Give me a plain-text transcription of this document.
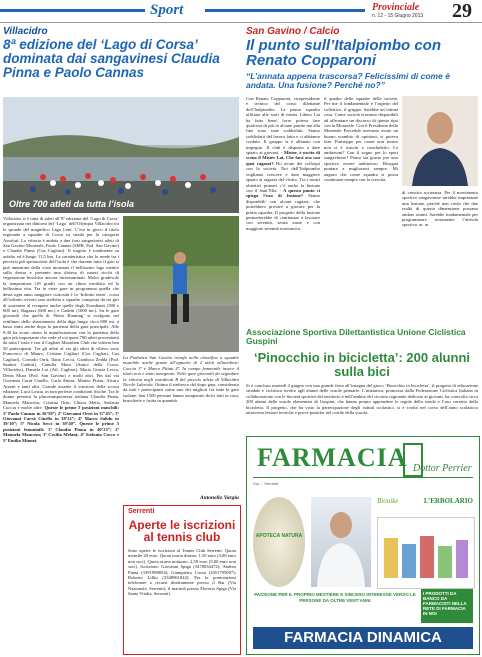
Sport	Provinciale
n. 12 - 15 Giugno 2013 29
Villacidro
8ª edizione del ‘Lago di Corsa’ dominata dai sangavinesi Claudia Pinna e Paolo Cannas
Oltre 700 atleti da tutta l’isola
Villacidro si è tinta di atleti all’8ª edizione del ‘Lago di Corsa’ organizzata nei dintorni del ‘Lago’ dell’Olympia Villacidro tra le sponde del magnifico Lago Leni. C’era in gioco il titolo regionale a squadre di Corsa su strada per la categoria Assoluti. La vittoria è andata a due forti sangavinesi atleti di San Gavino Monreale, Paolo Cannas (SMR, Pod. San Gavino) e Claudia Pinna (Cus Cagliari). Il tragitto è totalmente su asfalto ed è lungo 11,5 km. La caratteristica che lo rende tra i percorsi più spettacolari dell’isola è che durante tutto il giro si può ammirare della vista incantata il bellissimo lago mentre sulla destra e presente una distesa di monti ricchi di vegetazione boschiva ancora incontaminati. Molto gradevole la temperatura (18 gradi) con un clima ventilato ed la bellissima vita. Tra le varie gare in programma quella che desta ogni anno maggiore curiosità è la ‘Infinito team’, corsa all’infinito ovvero una staffetta a squadre composta da tre giri di sostenere al recupero anche quelle degli Esordienti (300 e 600 mt), Ragazzi (600 mt.) e Cadetti (1000 mt.). Su le gare giovanili che quella di ‘Retro Running’ si svolgono nel rettilineo dello sbarramento della diga lungo circa 800 mt. a bassi ritmi anche dopo la partenza della gara principale. Alle 9.40 ha avuto inizio la manifestazione con la partenza della gara più importante che vede al via quasi 700 atleti provenienti da tutta l’isola e con il Cagliari Marathon Club che schiera ben 50 partecipanti. Tra gli atleti al via gli atleti di rilievo sono Francesco di Mauro, Cristian Cagliari (Cus Cagliari, Cus Cagliari), Corrado Orrù, Ilario Lecca, Gianluca Zedda (Pod. Sanluri Cadetti), Camilla Mura (Amici della Corsa, Villacidro), Daniela Loi (Atl. Cagliari), Maria Grazia Lecca, Denis Mura (Pod. San Gavino) e molti altri. Fin dal via Giovanni Carrà Cinello, Carlo Ennas, Matteo Pittau, Alvaro Arzeni e tanti altri. Grande assente il vincitore della scorsa edizione, Luca Lostia, in non perfette condizioni fisiche. Tra le donne presenti la plurocampionessa italiana Claudia Pinna, Manuela Mancosu, Cristina Ortu, Chiara Melis, Stefania Cucciu e molte altre. Queste le prime 5 posizioni maschili: 1º Paolo Cannas in 36’59”; 2º Giovanni Orrù in 37’45”; 3º Giovanni Carrà Cinello in 38’31”; 4º Marco Salidu in 39’10”; 5º Nicola Secci in 39’40”. Queste le prime 5 posizioni femminili: 1ª Claudia Pinna in 40’23”; 2ª Manuela Mancosu; 3ª Cecilia Melani; 4ª Stefania Cocco e 5ª Emilia Minnei.
La Podistica San Gavino trionfa nella classifica a squadre maschile anche grazie all’apporto di 2 atleti villacidresi: Cucciu 3º e Marco Pittau 4º. In campo femminile invece il titolo non è stato assegnato. Nelle gare giovanili da segnalare la vittoria negli esordienti B del piccolo atleta di Villacidro Nicolò Labriola. Ottimo il rinfresco del dopo gara, considerato da tutti i partecipanti come uno dei migliori fra tutte le gare isolane: ben 1500 persone hanno assaporato dolci fatti in casa, bruschette e frutta in quantità.
Antonello Vargiu
Serrenti
Aperte le iscrizioni al tennis club
Sono aperte le iscrizioni al Tennis Club Serrenti. Quota mensile 20 euro. Quota oraria diurno: 1,50 euro (3,00 euro non soci). Quota oraria notturno: 2,50 euro (5,00 euro non soci). Iscrizioni: Giovanni Spiga (3478034472); Andrea Pinna (3391998854); Giampietro Cossu (3451795007); Roberto Lilliu (3348961842). Per le prenotazioni telefonare o recarsi direttamente presso il Bar (Via Nazionale, Serrenti), il martedì presso Floreria Spiga (Via Santa Vitalia, Serrenti).
San Gavino / Calcio
Il punto sull’Italpiombo con Renato Copparoni
“L’annata appena trascorsa? Felicissimi di come è andata. Una fusione? Perché no?”
Con Renato Copparoni, vicepresidente e tecnico del corso dilettante dell’Italpiombo. La prima squadra affiliata alle sorti di mister Libero Lai ha fatto bene, forse poteva fare qualcosa di più in alcune partite ma alla fine sono state soddisfatti. Siamo soddisfatti del lavoro fatto e ci abbiamo creduto. Il gruppo si è allenato con impegno. Il club è disposto a dare spazio ai giovani. - Mister, è uscito di scena il Mister Lai. Che farà ora con quei ragazzi? Ho avuto dei colloqui con la società. Noi dell’Italpiombo vogliamo crescere e dare maggiore spazio ai ragazzi del vivaio. Tra i nostri obiettivi primari c’è anche la fusione con il Sant’Elia. - A questo punto ci spiega l’uso di fusione? Siamo disponibili con alcuni ragazzi, che potrebbero provare a giocare per la prima squadra. Il progetto della fusione permetterebbe di continuare a lavorare con serenità, senza ansie e con maggiore serenità economica.
il quadro delle squadre della società. Per me il fondamentale è l’aspetto del collettivo, il gruppo. Sarebbe un’ottima cosa. Come società eravamo disponibili ad affrontare un discorso di questo tipo con la Monreale. Con il Presidente della Monreale Porcedda avevamo avuto un buono scambio di opinioni, si poteva fare. Purtroppo per cause non nostre non si è riusciti a concluderlo. Le ambizioni? Con il sogno per lo sport sangavinese? Penso sia giusto per uno sportivo essere ambizioso. Bisogna puntare a migliorarsi sempre. Mi auguro che come squadra si possa continuare sempre con la crescita.
di crescita societaria. Per il movimento sportivo sangavinese sarebbe importante una fusione, perché non credo che due realtà di questa dimensione possano andare avanti. Sarebbe fondamentale per programmare seriamente l’attività sportiva. m. m.
Associazione Sportiva Dilettantistica Unione Ciclistica Guspini
‘Pinocchio in bicicletta’: 200 alunni sulla bici
Si è concluso martedì 4 giugno con una grande festa all’insegna del gioco ‘Pinocchio in bicicletta’, il progetto di educazione stradale e ciclistica rivolto agli alunni delle scuole primarie. L’iniziativa, promossa dalla Federazione Ciclistica Italiana in collaborazione con le Società sportive del territorio e nell’ambito del circuito regionale dedicato ai giovani, ha coinvolto circa 200 alunni delle scuole elementari di Guspini, che hanno potuto apprendere le regole della strada e l’uso corretto della bicicletta. Il progetto, che ha visto la partecipazione degli istituti scolastici, si è svolto nel corso dell’anno scolastico attraverso lezioni teoriche e prove pratiche nel cortile della scuola.
FARMACIA Dottor Perrier
Via ... Serrenti
APOTECA NATURA
Bionike	L’ERBOLARIO
I PRODOTTI DA BANCO DA FARMACISTI NELLA RETE DI FARMACIA IN NOI
PASSIONE PER IL PROPRIO MESTIERE E SINCERO INTERESSE VERSO LE PERSONE DA OLTRE VENT’ANNI
FARMACIA DINAMICA
